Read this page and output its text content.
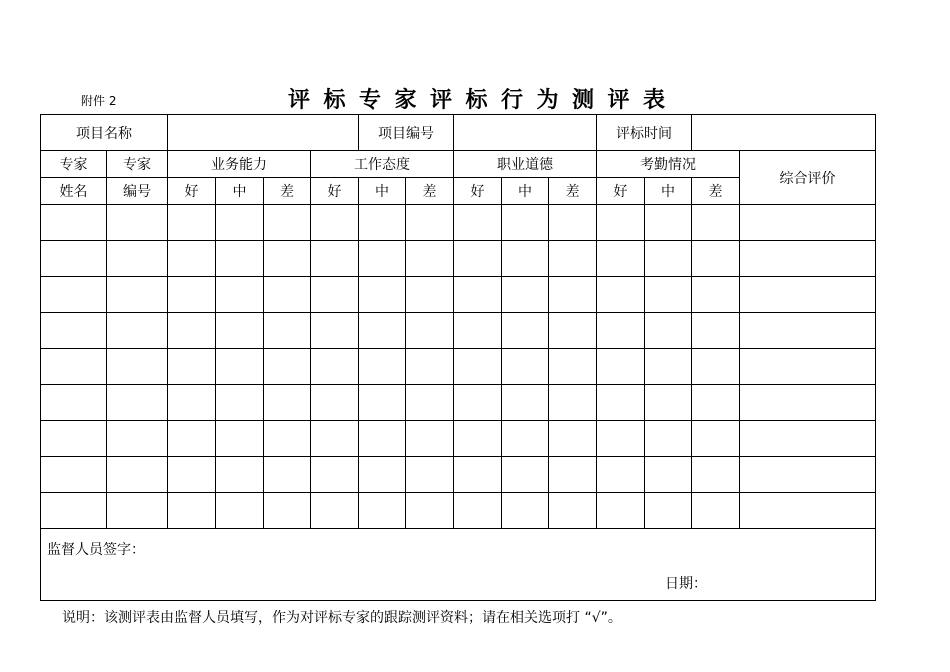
附件 2	评标专家评标行为测评表
项目名称						项目编号					评标时间			
专家	专家	业务能力			工作态度			职业道德			考勤情况			综合评价
姓名	编号	好	中	差	好	中	差	好	中	差	好	中	差	

监督人员签字：
日期：														
说明：该测评表由监督人员填写，作为对评标专家的跟踪测评资料；请在相关选项打 “√”。
